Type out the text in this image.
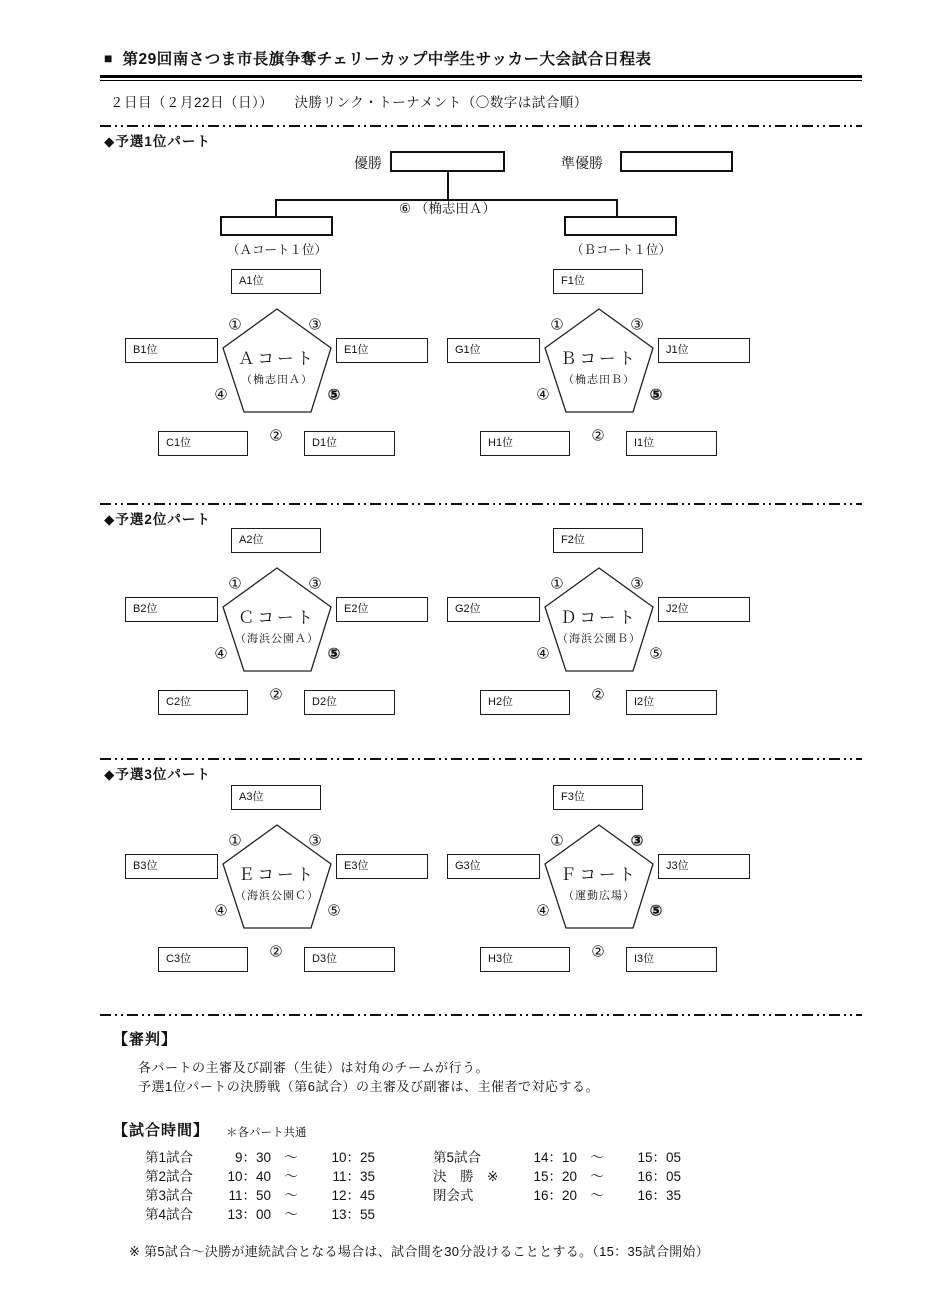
■ 第29回南さつま市長旗争奪チェリーカップ中学生サッカー大会試合日程表
２日目（２月22日（日））　　決勝リンク・トーナメント（〇数字は試合順）
◆予選1位パート
優勝	準優勝
⑥ （桷志田Ａ）
（Ａコート１位）	（Ｂコート１位）
Ａコート
（桷志田Ａ）
A1位
B1位	E1位
C1位	D1位
①	③
④	⑤
②
Ｂコート
（桷志田Ｂ）
F1位
G1位	J1位
H1位	I1位
①	③
④	⑤
②
◆予選2位パート
Ｃコート
（海浜公園Ａ）
A2位
B2位	E2位
C2位	D2位
①	③
④	⑤
②
Ｄコート
（海浜公園Ｂ）
F2位
G2位	J2位
H2位	I2位
①	③
④	⑤
②
◆予選3位パート
Ｅコート
（海浜公園Ｃ）
A3位
B3位	E3位
C3位	D3位
①	③
④	⑤
②
Ｆコート
（運動広場）
F3位
G3位	J3位
H3位	I3位
①	③
④	⑤
②
【審判】
各パートの主審及び副審（生徒）は対角のチームが行う。
予選1位パートの決勝戦（第6試合）の主審及び副審は、主催者で対応する。
【試合時間】 ＊各パート共通
第1試合	9：30 ～	10：25
第2試合	10：40 ～	11：35
第3試合	11：50 ～	12：45
第4試合	13：00 ～	13：55
第5試合	14：10 ～	15：05
決　勝　※	15：20 ～	16：05
閉会式	16：20 ～	16：35
※ 第5試合～決勝が連続試合となる場合は、試合間を30分設けることとする。（15：35試合開始）
